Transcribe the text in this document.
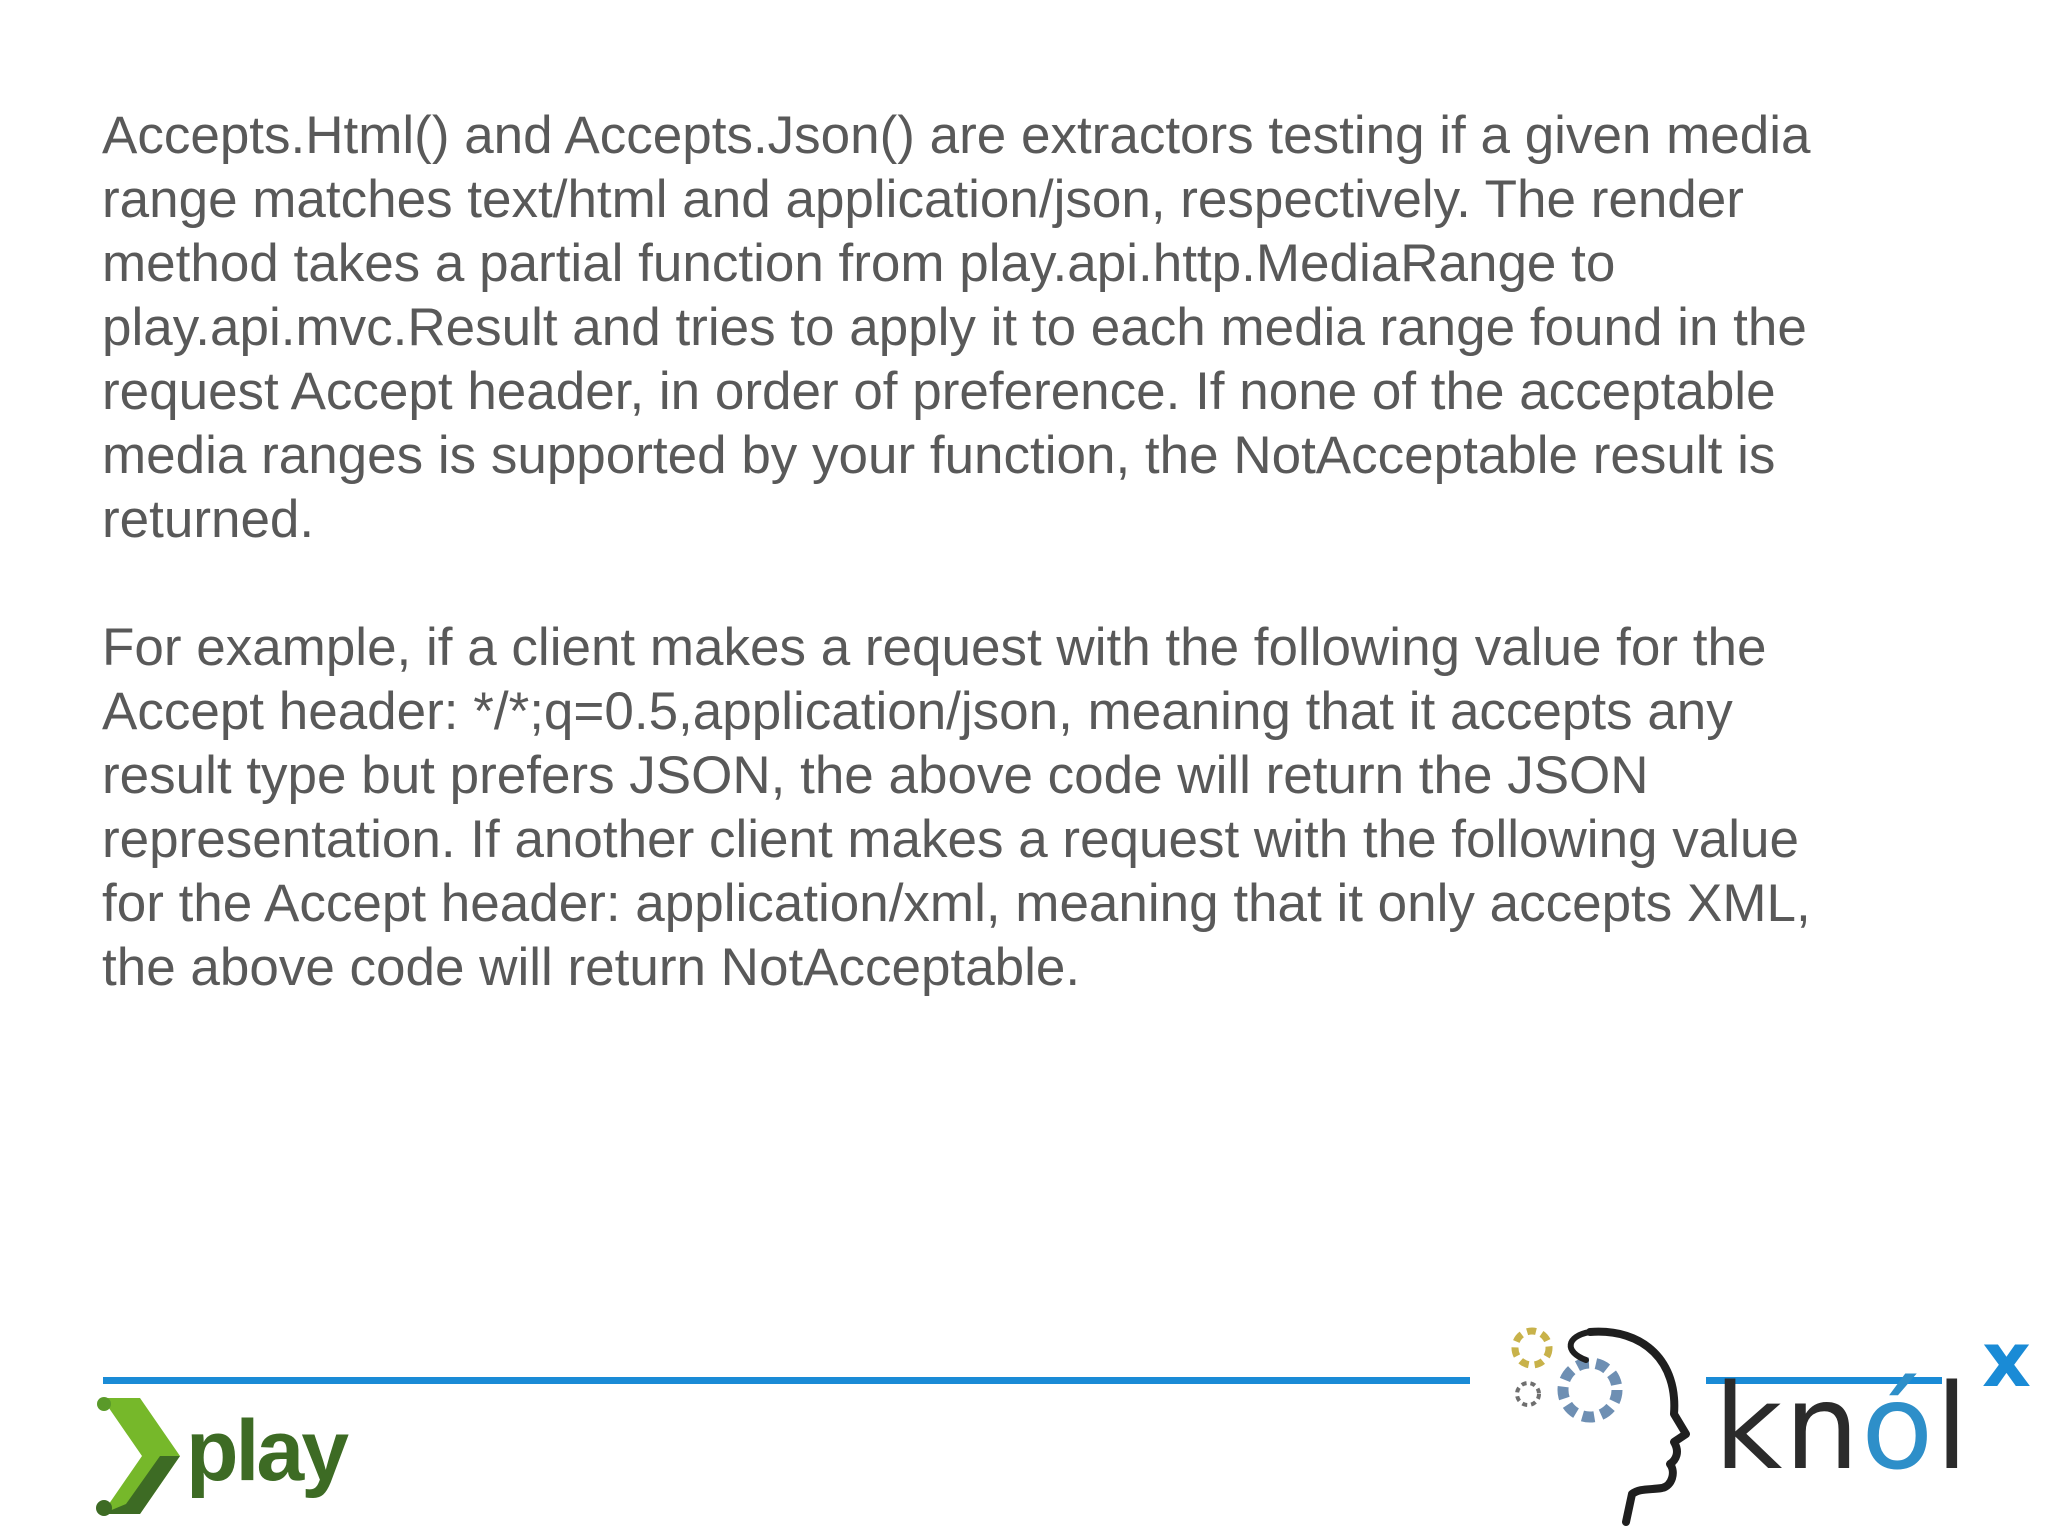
Accepts.Html() and Accepts.Json() are extractors testing if a given media
range matches text/html and application/json, respectively. The render
method takes a partial function from play.api.http.MediaRange to
play.api.mvc.Result and tries to apply it to each media range found in the
request Accept header, in order of preference. If none of the acceptable
media ranges is supported by your function, the NotAcceptable result is
returned.

For example, if a client makes a request with the following value for the
Accept header: */*;q=0.5,application/json, meaning that it accepts any
result type but prefers JSON, the above code will return the JSON
representation. If another client makes a request with the following value
for the Accept header: application/xml, meaning that it only accepts XML,
the above code will return NotAcceptable.

play	knól x
